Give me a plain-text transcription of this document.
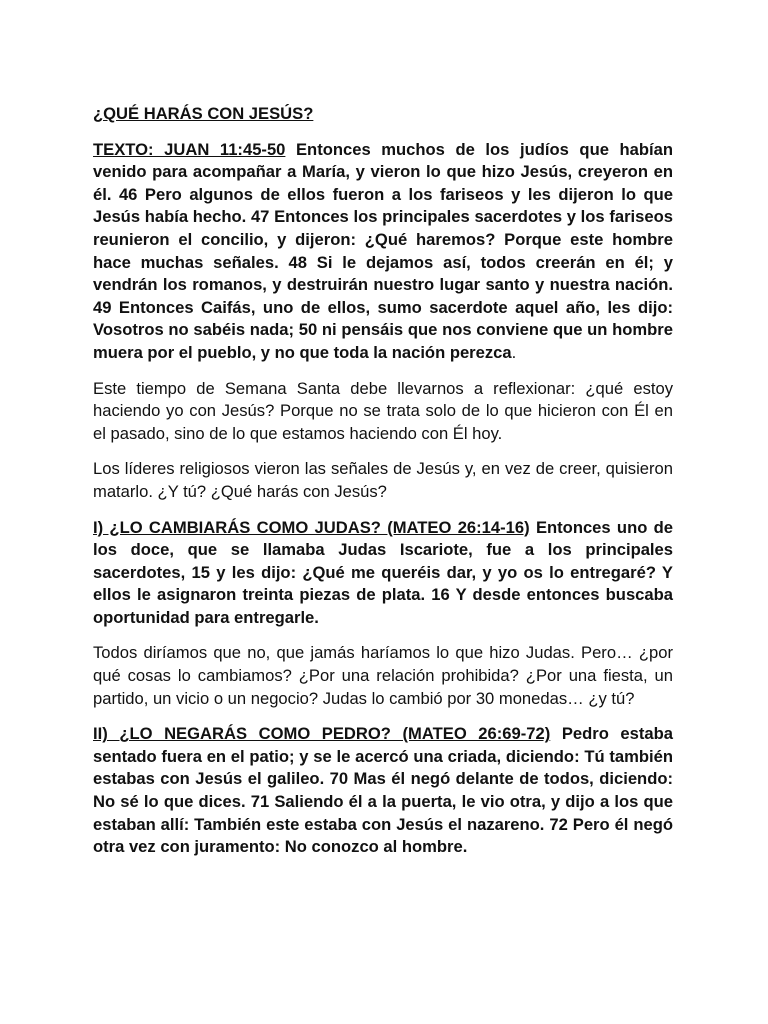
¿QUÉ HARÁS CON JESÚS?

TEXTO: JUAN 11:45-50 Entonces muchos de los judíos que habían venido para acompañar a María, y vieron lo que hizo Jesús, creyeron en él. 46 Pero algunos de ellos fueron a los fariseos y les dijeron lo que Jesús había hecho. 47 Entonces los principales sacerdotes y los fariseos reunieron el concilio, y dijeron: ¿Qué haremos? Porque este hombre hace muchas señales. 48 Si le dejamos así, todos creerán en él; y vendrán los romanos, y destruirán nuestro lugar santo y nuestra nación. 49 Entonces Caifás, uno de ellos, sumo sacerdote aquel año, les dijo: Vosotros no sabéis nada; 50 ni pensáis que nos conviene que un hombre muera por el pueblo, y no que toda la nación perezca.

Este tiempo de Semana Santa debe llevarnos a reflexionar: ¿qué estoy haciendo yo con Jesús? Porque no se trata solo de lo que hicieron con Él en el pasado, sino de lo que estamos haciendo con Él hoy.

Los líderes religiosos vieron las señales de Jesús y, en vez de creer, quisieron matarlo. ¿Y tú? ¿Qué harás con Jesús?

I) ¿LO CAMBIARÁS COMO JUDAS? (MATEO 26:14-16) Entonces uno de los doce, que se llamaba Judas Iscariote, fue a los principales sacerdotes, 15 y les dijo: ¿Qué me queréis dar, y yo os lo entregaré? Y ellos le asignaron treinta piezas de plata. 16 Y desde entonces buscaba oportunidad para entregarle.

Todos diríamos que no, que jamás haríamos lo que hizo Judas. Pero… ¿por qué cosas lo cambiamos? ¿Por una relación prohibida? ¿Por una fiesta, un partido, un vicio o un negocio? Judas lo cambió por 30 monedas… ¿y tú?

II) ¿LO NEGARÁS COMO PEDRO? (MATEO 26:69-72) Pedro estaba sentado fuera en el patio; y se le acercó una criada, diciendo: Tú también estabas con Jesús el galileo. 70 Mas él negó delante de todos, diciendo: No sé lo que dices. 71 Saliendo él a la puerta, le vio otra, y dijo a los que estaban allí: También este estaba con Jesús el nazareno. 72 Pero él negó otra vez con juramento: No conozco al hombre.
